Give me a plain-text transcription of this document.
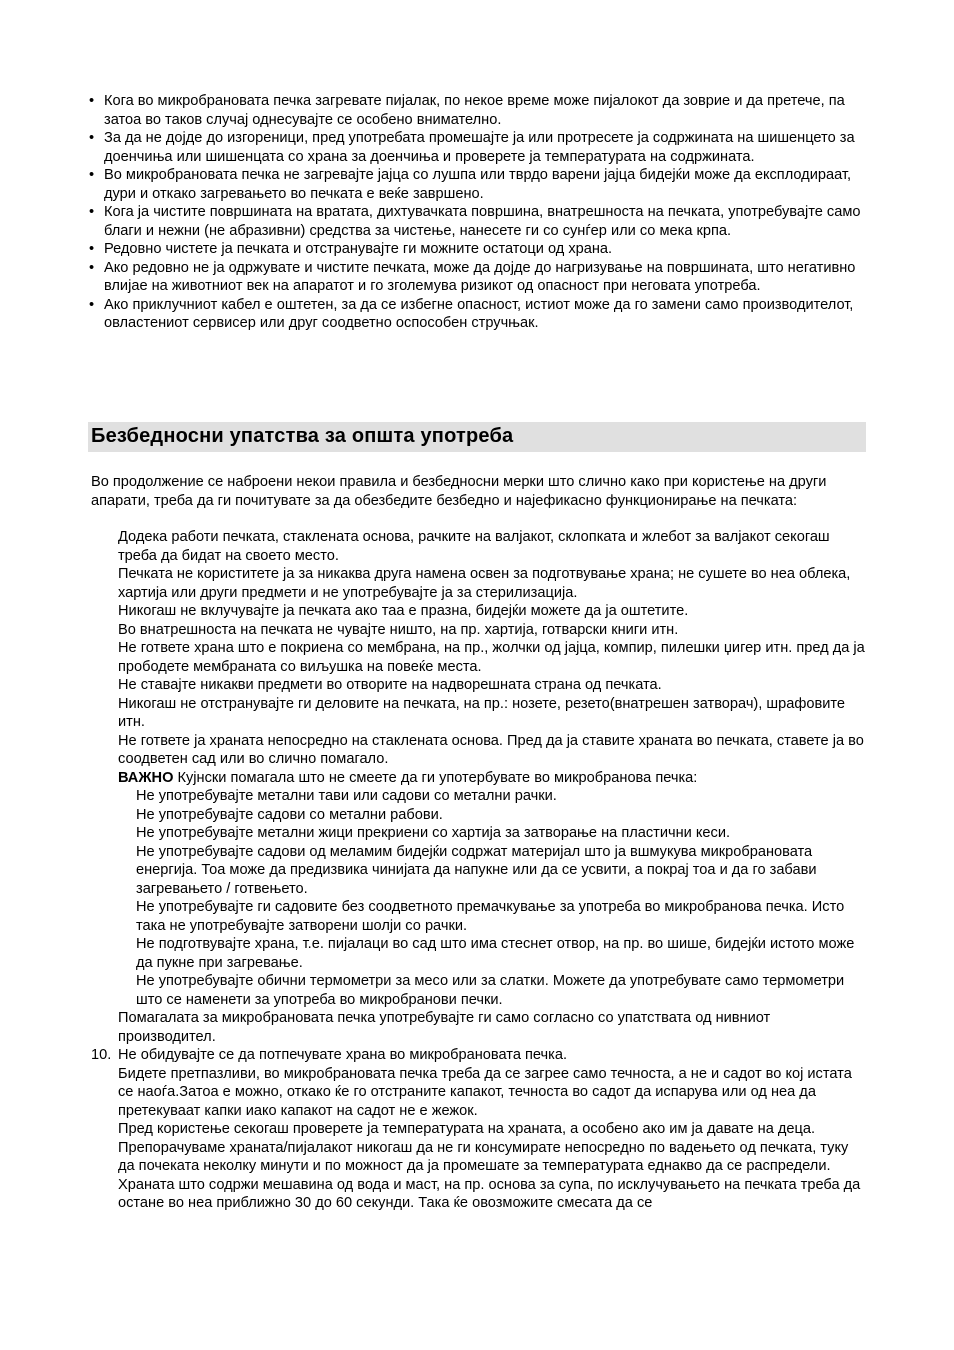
• Кога во микробрановата печка загревате пијалак, по некое време може пијалокот да зоврие и да претече, па затоа во таков случај однесувајте се особено внимателно.
• За да не дојде до изгореници, пред употребата промешајте ја или протресете ја содржината на шишенцето за доенчиња или шишенцата со храна за доенчиња и проверете ја температурата на содржината.
• Во микробрановата печка не загревајте јајца со лушпа или тврдо варени јајца бидејќи може да експлодираат, дури и откако загревањето во печката е веќе завршено.
• Кога ја чистите површината на вратата, дихтувачката површина, внатрешноста на печката, употребувајте само благи и нежни (не абразивни) средства за чистење, нанесете ги со сунѓер или со мека крпа.
• Редовно чистете ја печката и отстранувајте ги можните остатоци од храна.
• Ако редовно не ја одржувате и чистите печката, може да дојде до нагризување на површината, што негативно влијае на животниот век на апаратот и го зголемува ризикот од опасност при неговата употреба.
• Ако приклучниот кабел е оштетен, за да се избегне опасност, истиот може да го замени само производителот, овластениот сервисер или друг соодветно оспособен стручњак.
Безбедносни упатства за општа употреба

Во продолжение се наброени некои правила и безбедносни мерки што слично како при користење на други апарати, треба да ги почитувате за да обезбедите безбедно и најефикасно функционирање на печката:

Додека работи печката, стаклената основа, рачките на валјакот, склопката и жлебот за валјакот секогаш треба да бидат на своето место.
Печката не користитете ја за никаква друга намена освен за подготвување храна; не сушете во неа облека, хартија или други предмети и не употребувајте ја за стерилизација.
Никогаш не вклучувајте ја печката ако таа е празна, бидејќи можете да ја оштетите.
Во внатрешноста на печката не чувајте ништо, на пр. хартија, готварски книги итн.
Не гответе храна што е покриена со мембрана, на пр., жолчки од јајца, компир, пилешки џигер итн. пред да ја прободете мембраната со виљушка на повеќе места.
Не ставајте никакви предмети во отворите на надворешната страна од печката.
Никогаш не отстранувајте ги деловите на печката, на пр.: нозете, резето(внатрешен затворач), шрафовите итн.
Не гответе ја храната непосредно на стаклената основа. Пред да ја ставите храната во печката, ставете ја во соодветен сад или во слично помагало.
ВАЖНО Кујнски помагала што не смеете да ги употербувате во микробранова печка:
Не употребувајте метални тави или садови со метални рачки.
Не употребувајте садови со метални рабови.
Не употребувајте метални жици прекриени со хартија за затворање на пластични кеси.
Не употребувајте садови од меламим бидејќи содржат материјал што ја вшмукува микробрановата енергија. Тоа може да предизвика чинијата да напукне или да се усвити, а покрај тоа и да го забави загревањето / готвењето.
Не употребувајте ги садовите без соодветното премачкување за употреба во микробранова печка. Исто така не употребувајте затворени шолји со рачки.
Не подготвувајте храна, т.е. пијалаци во сад што има стеснет отвор, на пр. во шише, бидејќи истото може да пукне при загревање.
Не употребувајте обични термометри за месо или за слатки. Можете да употребувате само термометри што се наменети за употреба во микробранови печки.
Помагалата за микробрановата печка употребувајте ги само согласно со упатствата од нивниот производител.
10. Не обидувајте се да потпечувате храна во микробрановата печка.
Бидете претпазливи, во микробрановата печка треба да се загрее само течноста, а не и садот во кој истата се наоѓа.Затоа е можно, откако ќе го отстраните капакот, течноста во садот да испарува или од неа да претекуваат капки иако капакот на садот не е жежок.
Пред користење секогаш проверете ја температурата на храната, а особено ако им ја давате на деца. Препорачуваме храната/пијалакот никогаш да не ги консумирате непосредно по вадењето од печката, туку да почеката неколку минути и по можност да ја промешате за температурата еднакво да се распредели.
Храната што содржи мешавина од вода и маст, на пр. основа за супа, по исклучувањето на печката треба да остане во неа приближно 30 до 60 секунди. Така ќе овозможите смесата да се
